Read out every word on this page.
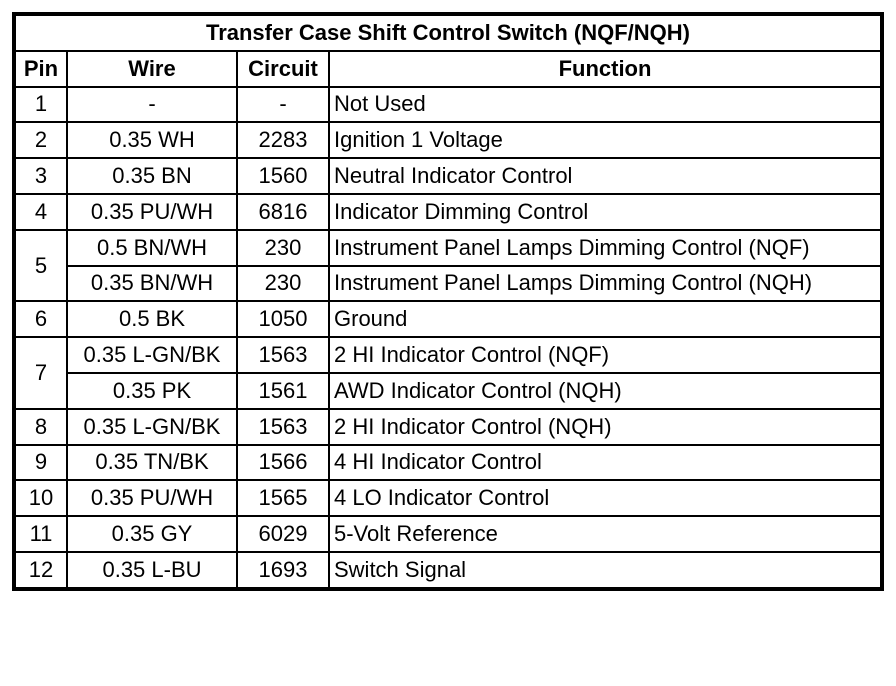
Transfer Case Shift Control Switch (NQF/NQH)			
Pin	Wire	Circuit	Function
1	-	-	Not Used
2	0.35 WH	2283	Ignition 1 Voltage
3	0.35 BN	1560	Neutral Indicator Control
4	0.35 PU/WH	6816	Indicator Dimming Control
5	0.5 BN/WH	230	Instrument Panel Lamps Dimming Control (NQF)
	0.35 BN/WH	230	Instrument Panel Lamps Dimming Control (NQH)
6	0.5 BK	1050	Ground
7	0.35 L-GN/BK	1563	2 HI Indicator Control (NQF)
	0.35 PK	1561	AWD Indicator Control (NQH)
8	0.35 L-GN/BK	1563	2 HI Indicator Control (NQH)
9	0.35 TN/BK	1566	4 HI Indicator Control
10	0.35 PU/WH	1565	4 LO Indicator Control
11	0.35 GY	6029	5-Volt Reference
12	0.35 L-BU	1693	Switch Signal
